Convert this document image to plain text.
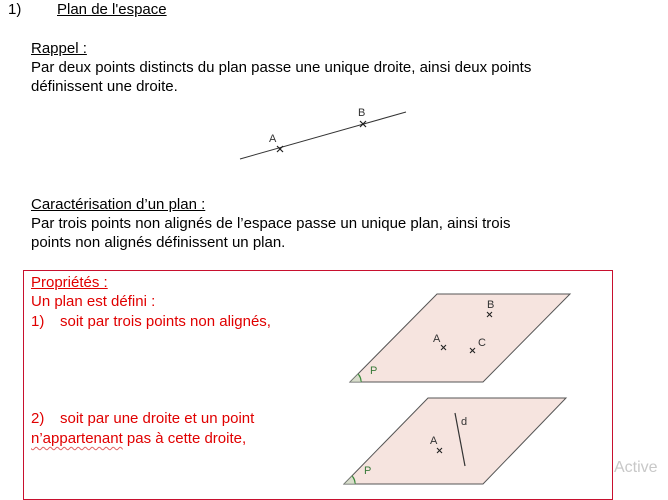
1) Plan de l'espace
Rappel :
Par deux points distincts du plan passe une unique droite, ainsi deux points
définissent une droite.
A
B
Caractérisation d’un plan :
Par trois points non alignés de l’espace passe un unique plan, ainsi trois
points non alignés définissent un plan.
Propriétés :
Un plan est défini :
1) soit par trois points non alignés,
2) soit par une droite et un point
n’appartenant pas à cette droite,
P
B
A	C
P
d
A
Active
